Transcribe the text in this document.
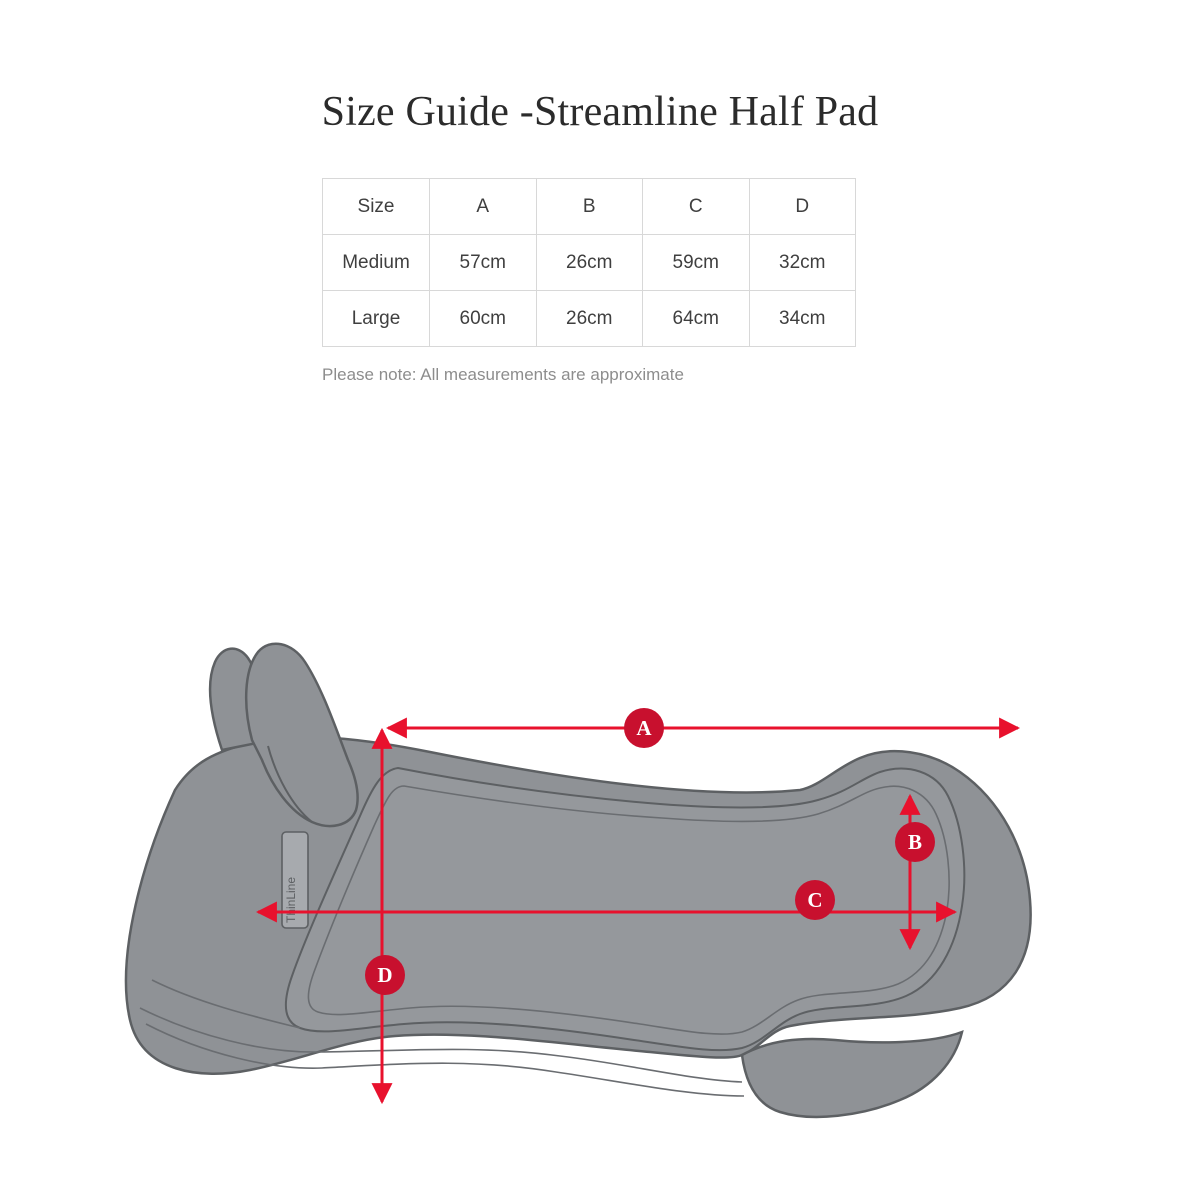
Size Guide -Streamline Half Pad
Size	A	B	C	D
Medium	57cm	26cm	59cm	32cm
Large	60cm	26cm	64cm	34cm
Please note: All measurements are approximate
ThinLine
A
B
C
D
